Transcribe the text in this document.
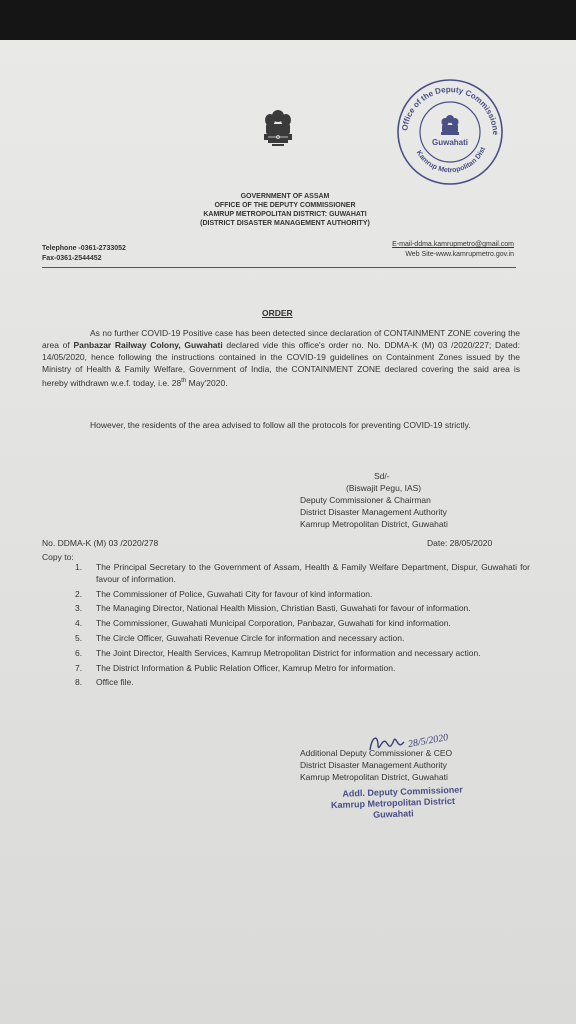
Office of the Deputy Commissione
Kamrup Metropolitan Dist
Guwahati
GOVERNMENT OF ASSAM
OFFICE OF THE DEPUTY COMMISSIONER
KAMRUP METROPOLITAN DISTRICT: GUWAHATI
(DISTRICT DISASTER MANAGEMENT AUTHORITY)
Telephone -0361-2733052
Fax-0361-2544452
E-mail-ddma.kamrupmetro@gmail.com
Web Site-www.kamrupmetro.gov.in
ORDER
As no further COVID-19 Positive case has been detected since declaration of CONTAINMENT ZONE covering the area of Panbazar Railway Colony, Guwahati declared vide this office's order no. No. DDMA-K (M) 03 /2020/227; Dated: 14/05/2020, hence following the instructions contained in the COVID-19 guidelines on Containment Zones issued by the Ministry of Health & Family Welfare, Government of India, the CONTAINMENT ZONE declared covering the said area is hereby withdrawn w.e.f. today, i.e. 28th May'2020.
However, the residents of the area advised to follow all the protocols for preventing COVID-19 strictly.
Sd/-
(Biswajit Pegu, IAS)
Deputy Commissioner & Chairman
District Disaster Management Authority
Kamrup Metropolitan District, Guwahati
No. DDMA-K (M) 03 /2020/278	Date: 28/05/2020
Copy to:
1.	The Principal Secretary to the Government of Assam, Health & Family Welfare Department, Dispur, Guwahati for favour of information.
2.	The Commissioner of Police, Guwahati City for favour of kind information.
3.	The Managing Director, National Health Mission, Christian Basti, Guwahati for favour of information.
4.	The Commissioner, Guwahati Municipal Corporation, Panbazar, Guwahati for kind information.
5.	The Circle Officer, Guwahati Revenue Circle for information and necessary action.
6.	The Joint Director, Health Services, Kamrup Metropolitan District for information and necessary action.
7.	The District Information & Public Relation Officer, Kamrup Metro for information.
8.	Office file.
28/5/2020
Additional Deputy Commissioner & CEO
District Disaster Management Authority
Kamrup Metropolitan District, Guwahati
Addl. Deputy Commissioner
Kamrup Metropolitan District
Guwahati
